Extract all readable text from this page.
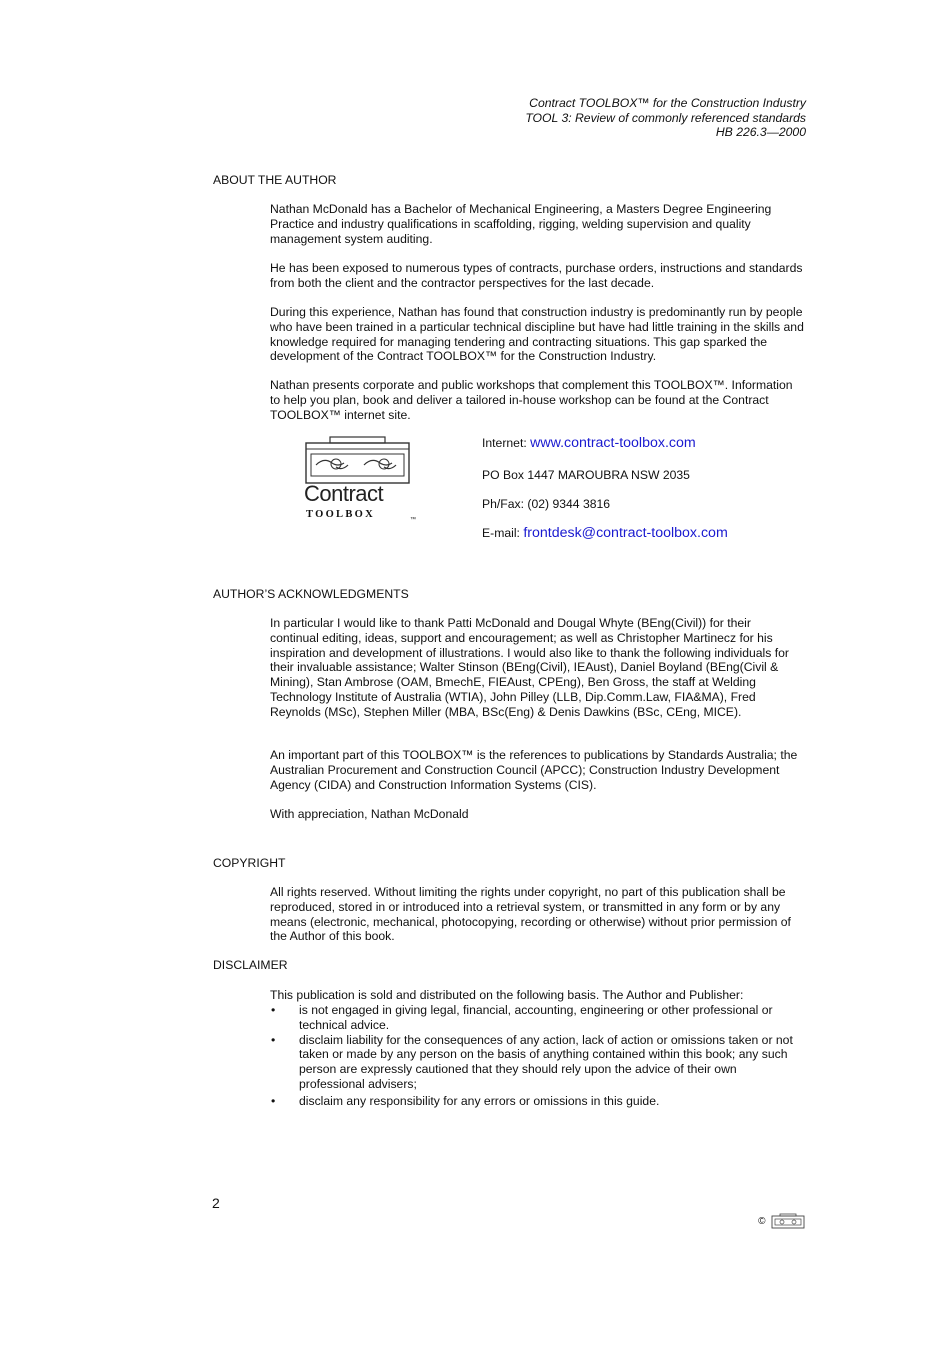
Contract TOOLBOX™ for the Construction Industry
TOOL 3: Review of commonly referenced standards
HB 226.3—2000
ABOUT THE AUTHOR
Nathan McDonald has a Bachelor of Mechanical Engineering, a Masters Degree Engineering Practice and industry qualifications in scaffolding, rigging, welding supervision and quality management system auditing.
He has been exposed to numerous types of contracts, purchase orders, instructions and standards from both the client and the contractor perspectives for the last decade.
During this experience, Nathan has found that construction industry is predominantly run by people who have been trained in a particular technical discipline but have had little training in the skills and knowledge required for managing tendering and contracting situations. This gap sparked the development of the Contract TOOLBOX™ for the Construction Industry.
Nathan presents corporate and public workshops that complement this TOOLBOX™. Information to help you plan, book and deliver a tailored in-house workshop can be found at the Contract TOOLBOX™ internet site.
Contract
TOOLBOX	™
Internet: www.contract-toolbox.com
PO Box 1447 MAROUBRA NSW 2035
Ph/Fax: (02) 9344 3816
E-mail: frontdesk@contract-toolbox.com
AUTHOR’S ACKNOWLEDGMENTS
In particular I would like to thank Patti McDonald and Dougal Whyte (BEng(Civil)) for their continual editing, ideas, support and encouragement; as well as Christopher Martinecz for his inspiration and development of illustrations. I would also like to thank the following individuals for their invaluable assistance; Walter Stinson (BEng(Civil), IEAust), Daniel Boyland (BEng(Civil & Mining), Stan Ambrose (OAM, BmechE, FIEAust, CPEng), Ben Gross, the staff at Welding Technology Institute of Australia (WTIA), John Pilley (LLB, Dip.Comm.Law, FIA&MA), Fred Reynolds (MSc), Stephen Miller (MBA, BSc(Eng) & Denis Dawkins (BSc, CEng, MICE).
An important part of this TOOLBOX™ is the references to publications by Standards Australia; the Australian Procurement and Construction Council (APCC); Construction Industry Development Agency (CIDA) and Construction Information Systems (CIS).
With appreciation, Nathan McDonald
COPYRIGHT
All rights reserved. Without limiting the rights under copyright, no part of this publication shall be reproduced, stored in or introduced into a retrieval system, or transmitted in any form or by any means (electronic, mechanical, photocopying, recording or otherwise) without prior permission of the Author of this book.
DISCLAIMER
This publication is sold and distributed on the following basis. The Author and Publisher:
• is not engaged in giving legal, financial, accounting, engineering or other professional or technical advice.
• disclaim liability for the consequences of any action, lack of action or omissions taken or not taken or made by any person on the basis of anything contained within this book; any such person are expressly cautioned that they should rely upon the advice of their own professional advisers;
• disclaim any responsibility for any errors or omissions in this guide.
2
©
